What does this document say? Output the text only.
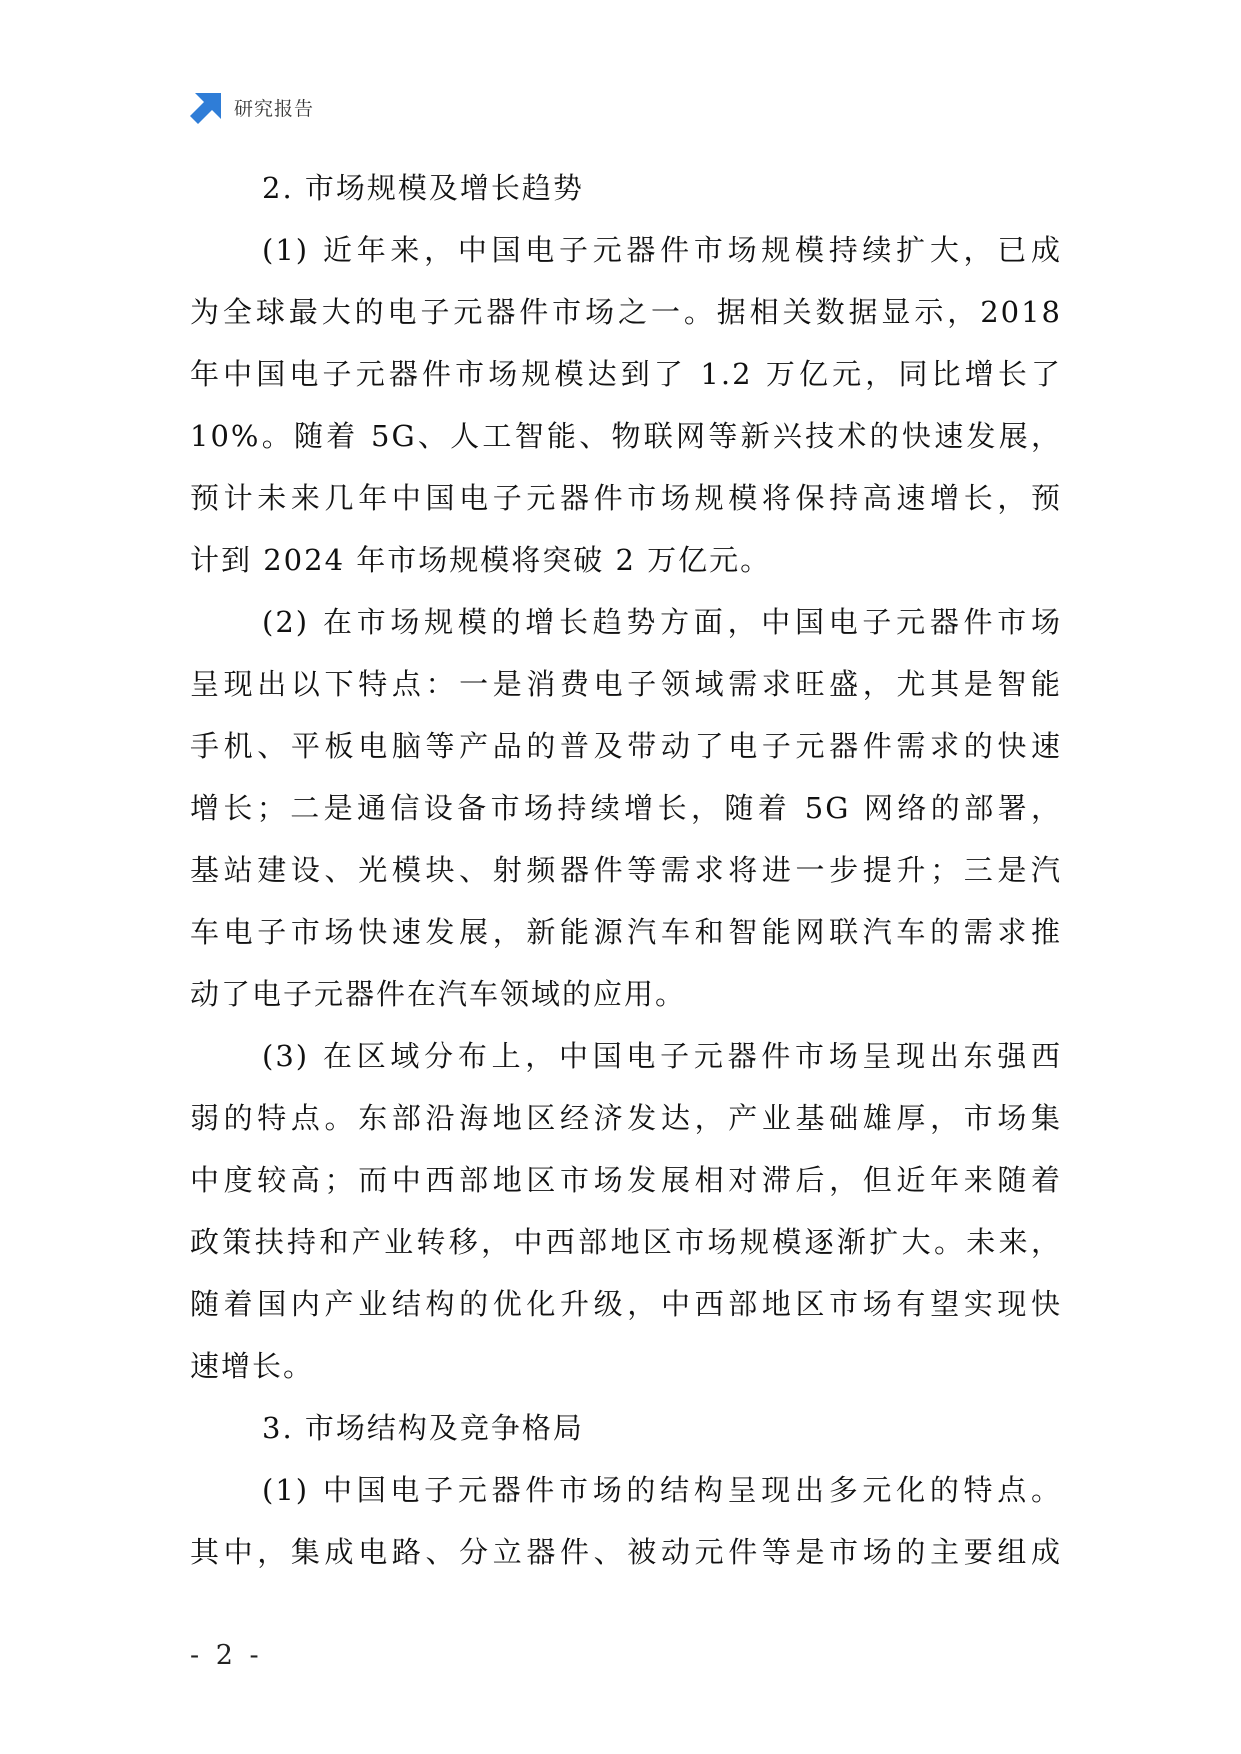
研究报告
2. 市场规模及增长趋势
(1) 近年来，中国电子元器件市场规模持续扩大，已成
为全球最大的电子元器件市场之一。据相关数据显示，2018
年中国电子元器件市场规模达到了 1.2 万亿元，同比增长了
10%。随着 5G、人工智能、物联网等新兴技术的快速发展，
预计未来几年中国电子元器件市场规模将保持高速增长，预
计到 2024 年市场规模将突破 2 万亿元。
(2) 在市场规模的增长趋势方面，中国电子元器件市场
呈现出以下特点：一是消费电子领域需求旺盛，尤其是智能
手机、平板电脑等产品的普及带动了电子元器件需求的快速
增长；二是通信设备市场持续增长，随着 5G 网络的部署，
基站建设、光模块、射频器件等需求将进一步提升；三是汽
车电子市场快速发展，新能源汽车和智能网联汽车的需求推
动了电子元器件在汽车领域的应用。
(3) 在区域分布上，中国电子元器件市场呈现出东强西
弱的特点。东部沿海地区经济发达，产业基础雄厚，市场集
中度较高；而中西部地区市场发展相对滞后，但近年来随着
政策扶持和产业转移，中西部地区市场规模逐渐扩大。未来，
随着国内产业结构的优化升级，中西部地区市场有望实现快
速增长。
3. 市场结构及竞争格局
(1) 中国电子元器件市场的结构呈现出多元化的特点。
其中，集成电路、分立器件、被动元件等是市场的主要组成
- 2 -
